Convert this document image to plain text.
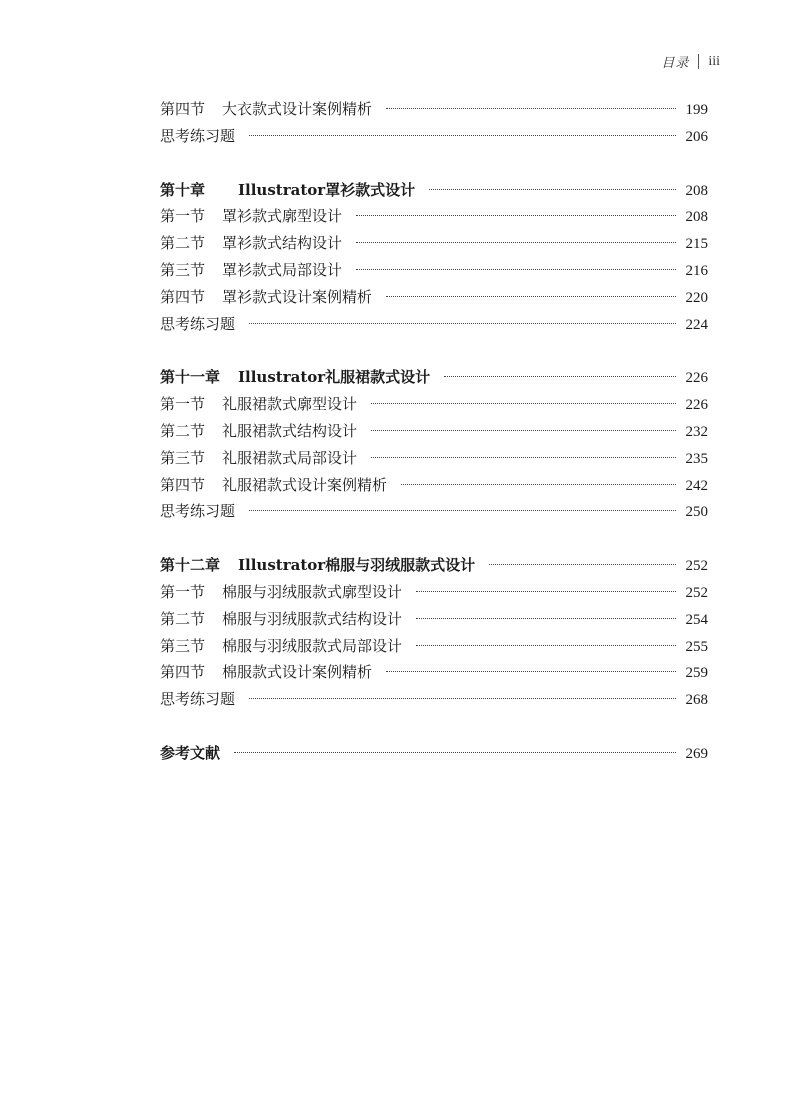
目录 iii
第四节	大衣款式设计案例精析	199
思考练习题	206
第十章	Illustrator罩衫款式设计	208
第一节	罩衫款式廓型设计	208
第二节	罩衫款式结构设计	215
第三节	罩衫款式局部设计	216
第四节	罩衫款式设计案例精析	220
思考练习题	224
第十一章	Illustrator礼服裙款式设计	226
第一节	礼服裙款式廓型设计	226
第二节	礼服裙款式结构设计	232
第三节	礼服裙款式局部设计	235
第四节	礼服裙款式设计案例精析	242
思考练习题	250
第十二章	Illustrator棉服与羽绒服款式设计	252
第一节	棉服与羽绒服款式廓型设计	252
第二节	棉服与羽绒服款式结构设计	254
第三节	棉服与羽绒服款式局部设计	255
第四节	棉服款式设计案例精析	259
思考练习题	268
参考文献	269
